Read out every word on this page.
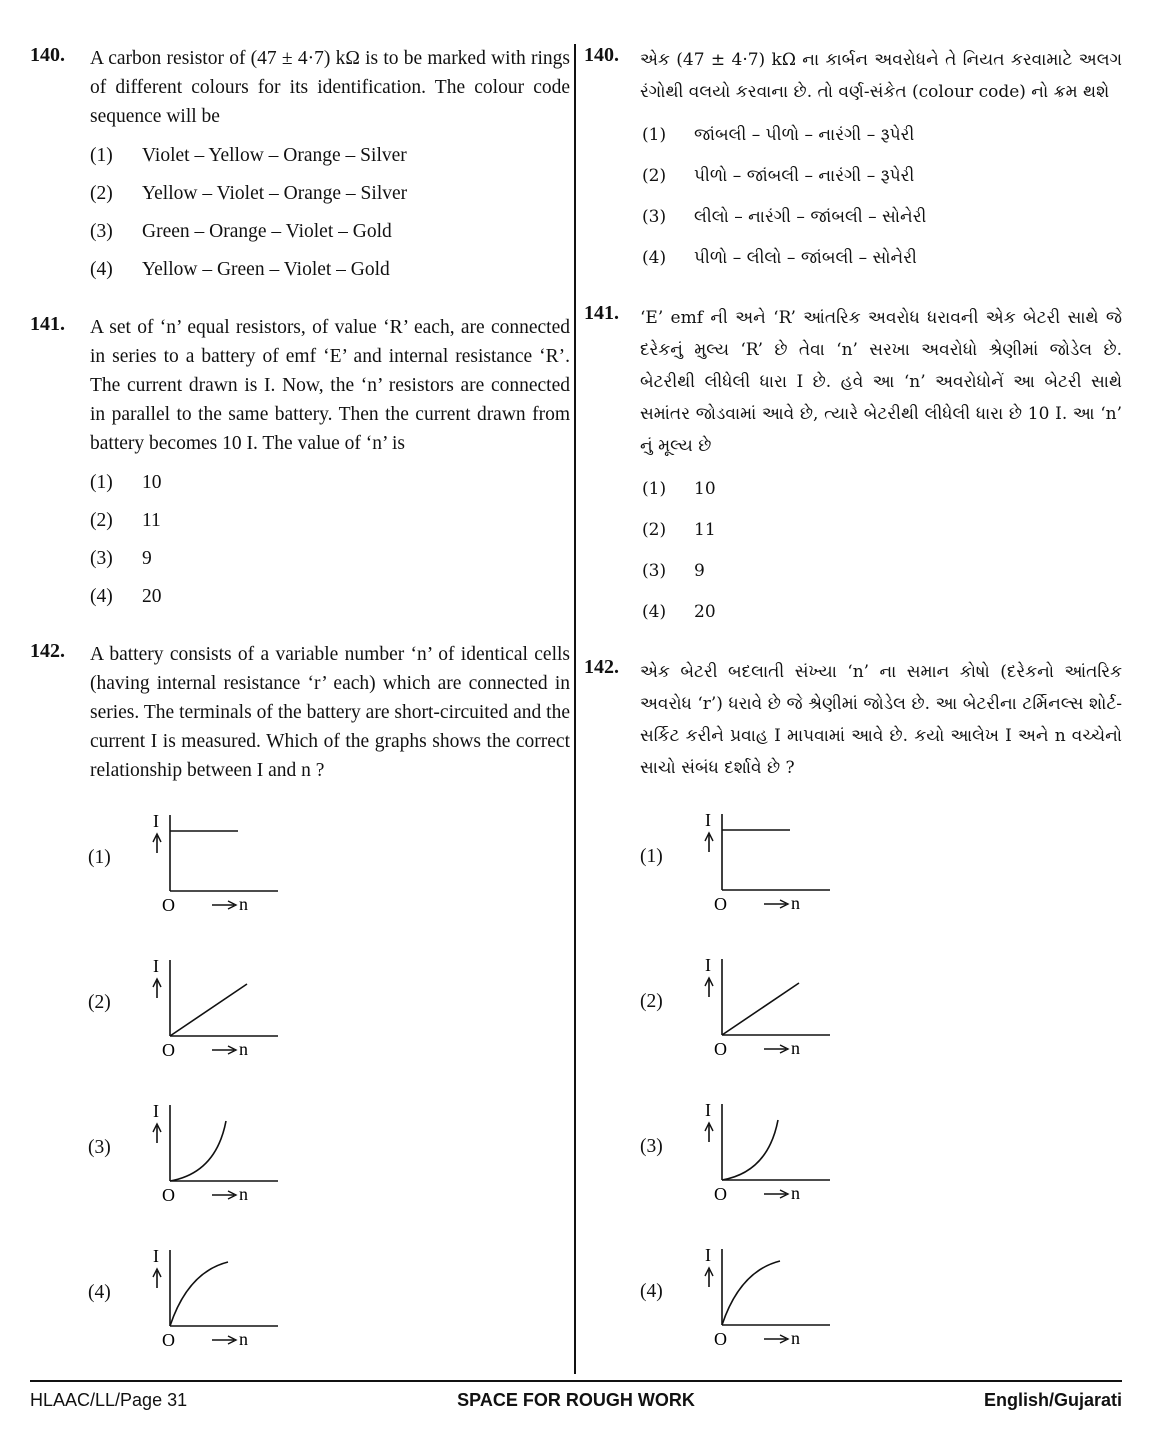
140. A carbon resistor of (47 ± 4·7) kΩ is to be marked with rings of different colours for its identification. The colour code sequence will be
(1)	Violet – Yellow – Orange – Silver
(2)	Yellow – Violet – Orange – Silver
(3)	Green – Orange – Violet – Gold
(4)	Yellow – Green – Violet – Gold
141. A set of ‘n’ equal resistors, of value ‘R’ each, are connected in series to a battery of emf ‘E’ and internal resistance ‘R’. The current drawn is I. Now, the ‘n’ resistors are connected in parallel to the same battery. Then the current drawn from battery becomes 10 I. The value of ‘n’ is
(1)	10
(2)	11
(3)	9
(4)	20
142. A battery consists of a variable number ‘n’ of identical cells (having internal resistance ‘r’ each) which are connected in series. The terminals of the battery are short-circuited and the current I is measured. Which of the graphs shows the correct relationship between I and n ?
(1)
I
O	n
(2)
I
O	n
(3)
I
O	n
(4)
I
O	n
140. એક (47 ± 4·7) kΩ ના કાર્બન અવરોધને તે નિયત કરવામાટે અલગ રંગોથી વલયો કરવાના છે. તો વર્ણ-સંકેત (colour code) નો ક્રમ થશે
(1)	જાંબલી – પીળો – નારંગી – રૂપેરી
(2)	પીળો – જાંબલી – નારંગી – રૂપેરી
(3)	લીલો – નારંગી – જાંબલી – સોનેરી
(4)	પીળો – લીલો – જાંબલી – સોનેરી
141. ‘E’ emf ની અને ‘R’ આંતરિક અવરોધ ધરાવની એક બેટરી સાથે જે દરેકનું મુલ્ય ‘R’ છે તેવા ‘n’ સરખા અવરોધો શ્રેણીમાં જોડેલ છે. બેટરીથી લીધેલી ધારા I છે. હવે આ ‘n’ અવરોધોનેં આ બેટરી સાથે સમાંતર જોડવામાં આવે છે, ત્યારે બેટરીથી લીધેલી ધારા છે 10 I. આ ‘n’ નું મૂલ્ય છે
(1)	10
(2)	11
(3)	9
(4)	20
142. એક બેટરી બદલાતી સંખ્યા ‘n’ ના સમાન કોષો (દરેકનો આંતરિક અવરોધ ‘r’) ધરાવે છે જે શ્રેણીમાં જોડેલ છે. આ બેટરીના ટર્મિનલ્સ શોર્ટ-સર્કિટ કરીને પ્રવાહ I માપવામાં આવે છે. કયો આલેખ I અને n વચ્ચેનો સાચો સંબંધ દર્શાવે છે ?
(1)
I
O	n
(2)
I
O	n
(3)
I
O	n
(4)
I
O	n
HLAAC/LL/Page 31	SPACE FOR ROUGH WORK	English/Gujarati
